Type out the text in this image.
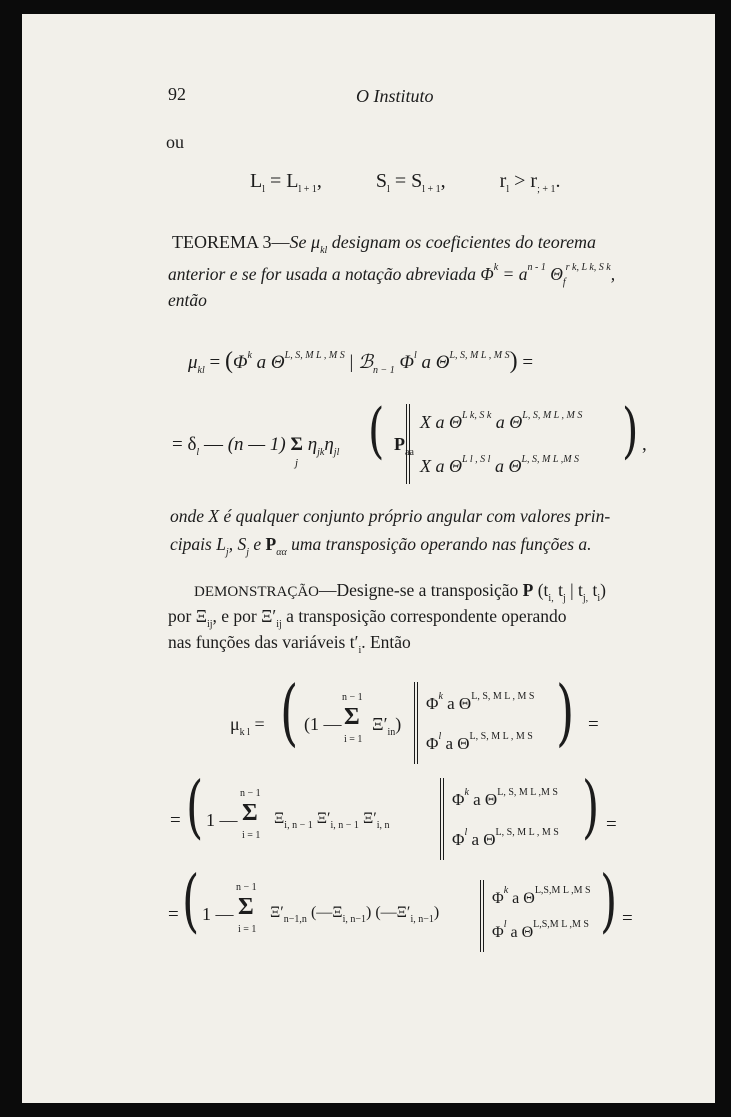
92	O Instituto
ou
$L_l = L_{l + 1}$,  $S_l = S_{l + 1}$,  $r_l > r_{; + 1}$.
TEOREMA 3—Se $\mu_{kl}$ designam os coeficientes do teorema
anterior e se for usada a notação abreviada $\Phi^k = a^{n - 1}$ $\Theta_f^{r k, L k, S k}$,
então
$\mu_{kl} = (\Phi^k$ a $\Theta^{L, S, M L , M S}$ | ℬ$_{n - 1}$ $\Phi^l$ a $\Theta^{L, S, M L , M S}$) =
= $\delta_l$ — (n — 1) Σ $\eta_{jk}\eta_{jl}$
j ( $P_{aa}$
X a $\Theta^{L k, S k}$ a $\Theta^{L, S, M L , M S}$
X a $\Theta^{L l , S l}$ a $\Theta^{L, S, M L ,M S}$ ) ,
onde X é qualquer conjunto próprio angular com valores prin-
cipais $L_j$, $S_j$ e $P_{\alpha\alpha}$ uma transposição operando nas funções a.
DEMONSTRAÇÃO—Designe-se a transposição P ($t_{i,}$ $t_j$ | $t_{j,}$ $t_i$)
por $\Xi_{ij}$, e por $\Xi'_{ij}$ a transposição correspondente operando
nas funções das variáveis $t'_i$. Então
$\mu_{k l}$ = ( (1 —
n − 1
Σ
i = 1
$\Xi'_{in}$)
$\Phi^k$ a $\Theta^{L, S, M L , M S}$
$\Phi^l$ a $\Theta^{L, S, M L , M S}$ ) =
= ( 1 —
n − 1
Σ
i = 1
$\Xi_{i, n - 1}$ $\Xi'_{i, n - 1}$ $\Xi'_{i, n}$
$\Phi^k$ a $\Theta^{L, S, M L ,M S}$
$\Phi^l$ a $\Theta^{L, S, M L , M S}$ ) =
= ( 1 —
n − 1
Σ
i = 1
$\Xi'_{n-1,n}$ $(—\Xi_{i, n-1})$ $(—\Xi'_{i, n-1})$
$\Phi^k$ a $\Theta^{L,S,M L ,M S}$
$\Phi^l$ a $\Theta^{L,S,M L ,M S}$ ) =
